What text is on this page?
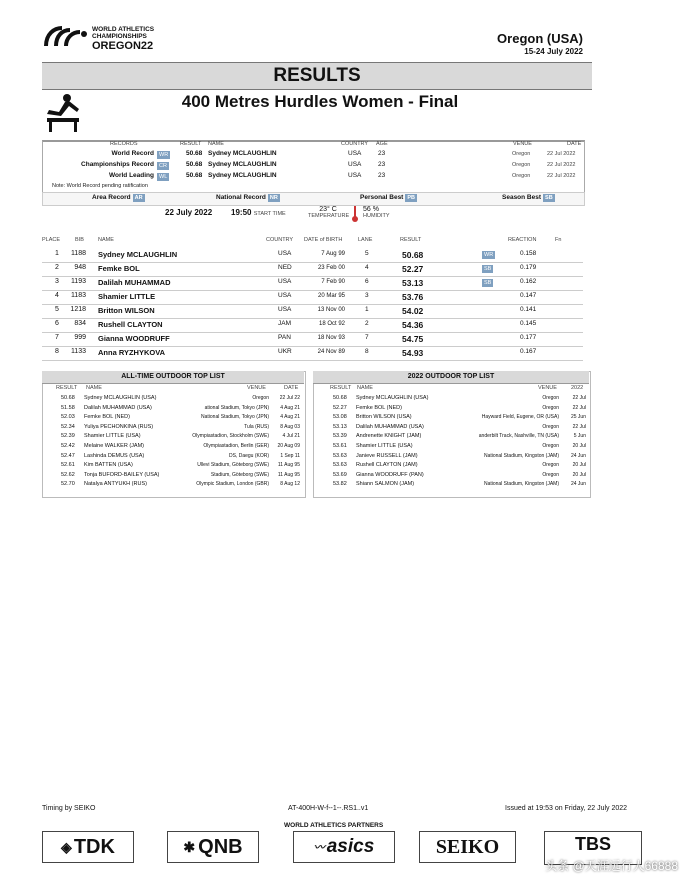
WORLD ATHLETICS
CHAMPIONSHIPS
OREGON22	Oregon (USA)
15-24 July 2022
RESULTS
400 Metres Hurdles Women - Final
RECORDS	RESULT NAME	COUNTRY AGE	VENUE	DATE
World Record WR	50.68 Sydney MCLAUGHLIN	USA	23	Oregon	22 Jul 2022
Championships Record CR	50.68 Sydney MCLAUGHLIN	USA	23	Oregon	22 Jul 2022
World Leading WL	50.68 Sydney MCLAUGHLIN	USA	23	Oregon	22 Jul 2022
Note: World Record pending ratification
Area Record AR	National Record NR	Personal Best PB	Season Best SB
22 July 2022 19:50 START TIME
23° C
TEMPERATURE
56 %
HUMIDITY
PLACE	BIB	NAME	COUNTRY DATE of BIRTH	LANE	RESULT	REACTION	Fn
1	1188 Sydney MCLAUGHLIN	USA	7 Aug 99	5	50.68	WR	0.158
2	948 Femke BOL	NED	23 Feb 00	4	52.27	SB	0.179
3	1193 Dalilah MUHAMMAD	USA	7 Feb 90	6	53.13	SB	0.162
4	1183 Shamier LITTLE	USA	20 Mar 95	3	53.76	0.147
5	1218 Britton WILSON	USA	13 Nov 00	1	54.02	0.141
6	834 Rushell CLAYTON	JAM	18 Oct 92	2	54.36	0.145
7	999 Gianna WOODRUFF	PAN	18 Nov 93	7	54.75	0.177
8	1133 Anna RYZHYKOVA	UKR	24 Nov 89	8	54.93	0.167
ALL-TIME OUTDOOR TOP LIST
RESULT NAME	VENUE	DATE
50.68 Sydney MCLAUGHLIN (USA)	Oregon 22 Jul 22
51.58 Dalilah MUHAMMAD (USA)	ational Stadium, Tokyo (JPN) 4 Aug 21
52.03 Femke BOL (NED)	National Stadium, Tokyo (JPN) 4 Aug 21
52.34 Yuliya PECHONKINA (RUS)	Tula (RUS) 8 Aug 03
52.39 Shamier LITTLE (USA)	Olympiastadion, Stockholm (SWE)	4 Jul 21
52.42 Melaine WALKER (JAM)	Olympiastadion, Berlin (GER) 20 Aug 09
52.47 Lashinda DEMUS (USA)	DS, Daegu (KOR) 1 Sep 11
52.61 Kim BATTEN (USA)	Ullevi Stadium, Göteborg (SWE) 11 Aug 95
52.62 Tonja BUFORD-BAILEY (USA)	Stadium, Göteborg (SWE) 11 Aug 95
52.70 Natalya ANTYUKH (RUS)	Olympic Stadium, London (GBR) 8 Aug 12
2022 OUTDOOR TOP LIST
RESULT NAME	VENUE	2022
50.68 Sydney MCLAUGHLIN (USA)	Oregon	22 Jul
52.27 Femke BOL (NED)	Oregon	22 Jul
53.08 Britton WILSON (USA)	Hayward Field, Eugene, OR (USA) 25 Jun
53.13 Dalilah MUHAMMAD (USA)	Oregon	22 Jul
53.39 Andrenette KNIGHT (JAM)	anderbilt Track, Nashville, TN (USA)	5 Jun
53.61 Shamier LITTLE (USA)	Oregon	20 Jul
53.63 Janieve RUSSELL (JAM)	National Stadium, Kingston (JAM) 24 Jun
53.63 Rushell CLAYTON (JAM)	Oregon	20 Jul
53.69 Gianna WOODRUFF (PAN)	Oregon	20 Jul
53.82 Shiann SALMON (JAM)	National Stadium, Kingston (JAM) 24 Jun
Timing by SEIKO	AT-400H-W-f--1--.RS1..v1	Issued at 19:53 on Friday, 22 July 2022
WORLD ATHLETICS PARTNERS
◈ TDK	✱ QNB	〰 asics	SEIKO	TBS
头条 @天涯远行人66888
